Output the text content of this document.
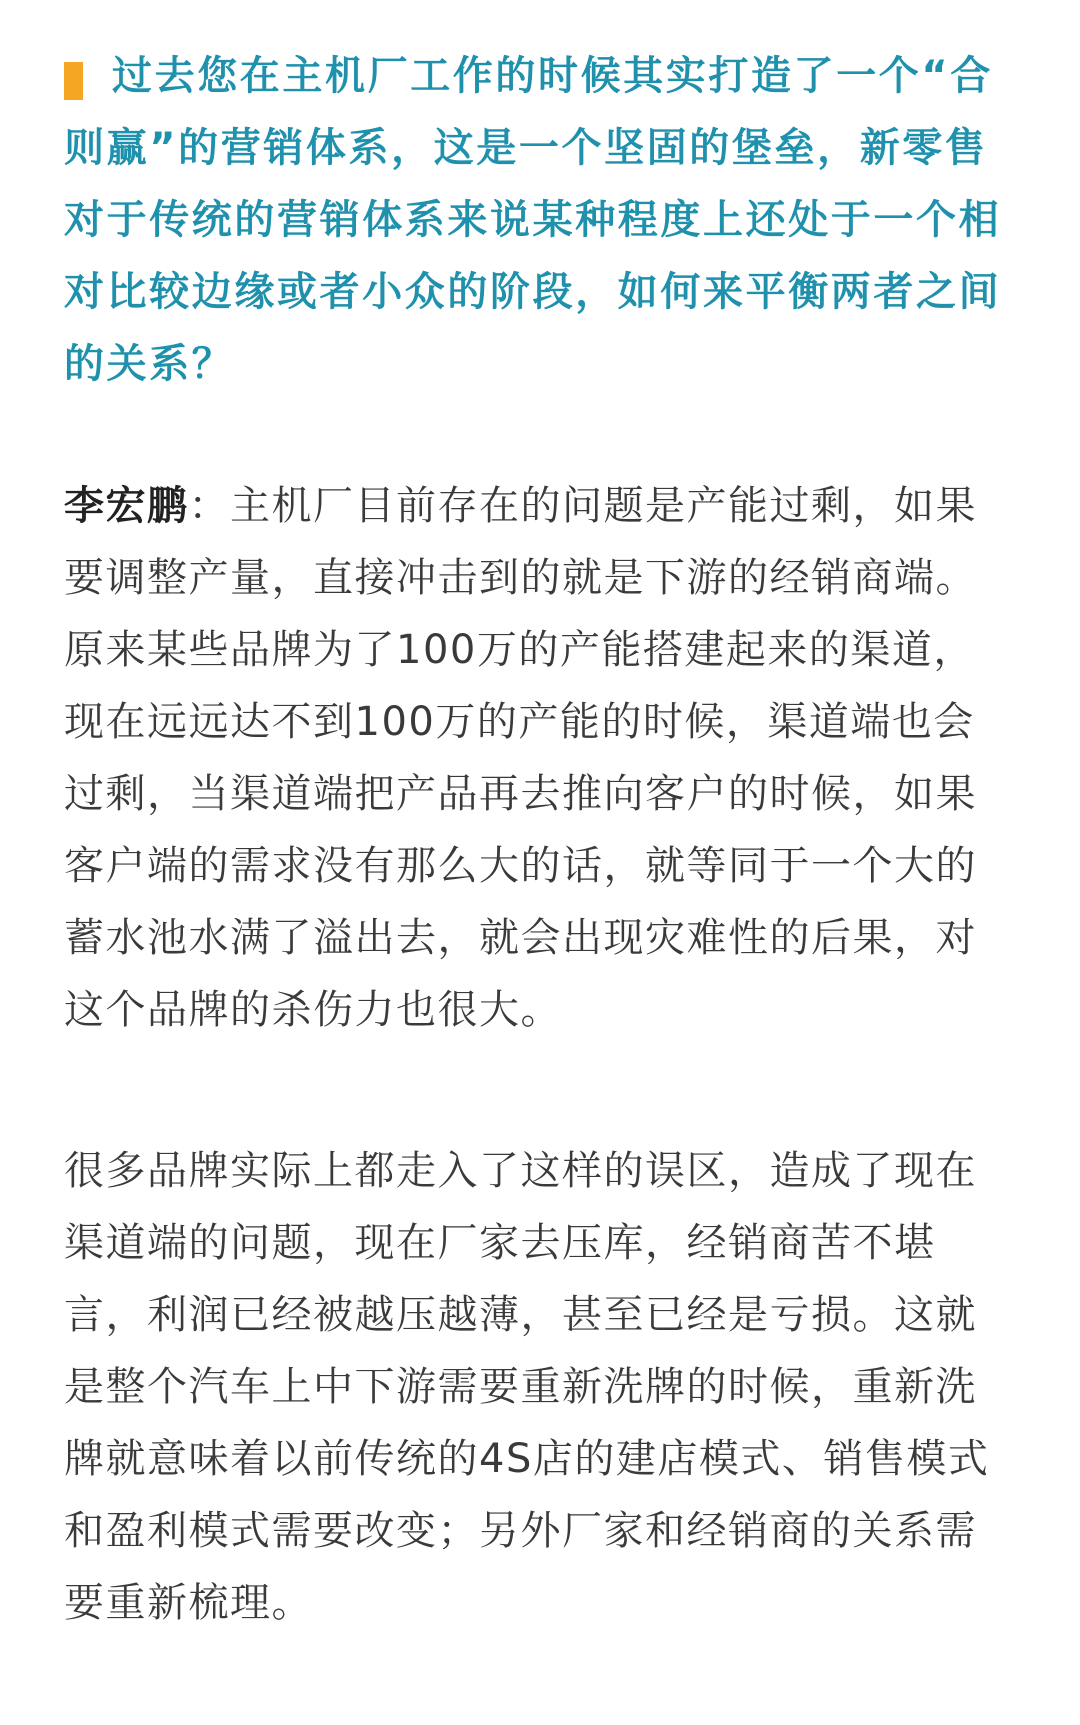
过去您在主机厂工作的时候其实打造了一个“合则赢”的营销体系，这是一个坚固的堡垒，新零售对于传统的营销体系来说某种程度上还处于一个相对比较边缘或者小众的阶段，如何来平衡两者之间的关系？

李宏鹏：主机厂目前存在的问题是产能过剩，如果要调整产量，直接冲击到的就是下游的经销商端。原来某些品牌为了100万的产能搭建起来的渠道，现在远远达不到100万的产能的时候，渠道端也会过剩，当渠道端把产品再去推向客户的时候，如果客户端的需求没有那么大的话，就等同于一个大的蓄水池水满了溢出去，就会出现灾难性的后果，对这个品牌的杀伤力也很大。

很多品牌实际上都走入了这样的误区，造成了现在渠道端的问题，现在厂家去压库，经销商苦不堪言，利润已经被越压越薄，甚至已经是亏损。这就是整个汽车上中下游需要重新洗牌的时候，重新洗牌就意味着以前传统的4S店的建店模式、销售模式和盈利模式需要改变；另外厂家和经销商的关系需要重新梳理。
